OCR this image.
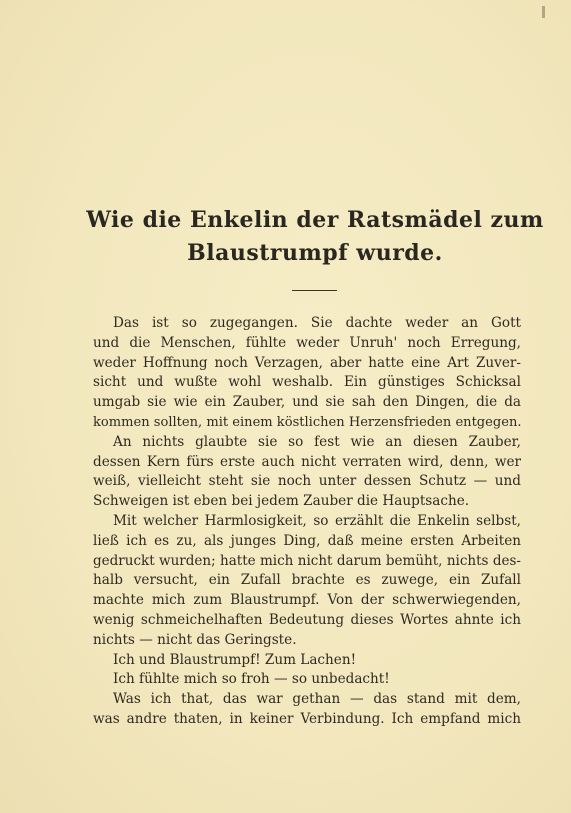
Wie die Enkelin der Ratsmädel zum
Blaustrumpf wurde.
Das ist so zugegangen. Sie dachte weder an Gott
und die Menschen, fühlte weder Unruh' noch Erregung,
weder Hoffnung noch Verzagen, aber hatte eine Art Zuver-
sicht und wußte wohl weshalb. Ein günstiges Schicksal
umgab sie wie ein Zauber, und sie sah den Dingen, die da
kommen sollten, mit einem köstlichen Herzensfrieden entgegen.
An nichts glaubte sie so fest wie an diesen Zauber,
dessen Kern fürs erste auch nicht verraten wird, denn, wer
weiß, vielleicht steht sie noch unter dessen Schutz — und
Schweigen ist eben bei jedem Zauber die Hauptsache.
Mit welcher Harmlosigkeit, so erzählt die Enkelin selbst,
ließ ich es zu, als junges Ding, daß meine ersten Arbeiten
gedruckt wurden; hatte mich nicht darum bemüht, nichts des-
halb versucht, ein Zufall brachte es zuwege, ein Zufall
machte mich zum Blaustrumpf. Von der schwerwiegenden,
wenig schmeichelhaften Bedeutung dieses Wortes ahnte ich
nichts — nicht das Geringste.
Ich und Blaustrumpf! Zum Lachen!
Ich fühlte mich so froh — so unbedacht!
Was ich that, das war gethan — das stand mit dem,
was andre thaten, in keiner Verbindung. Ich empfand mich
